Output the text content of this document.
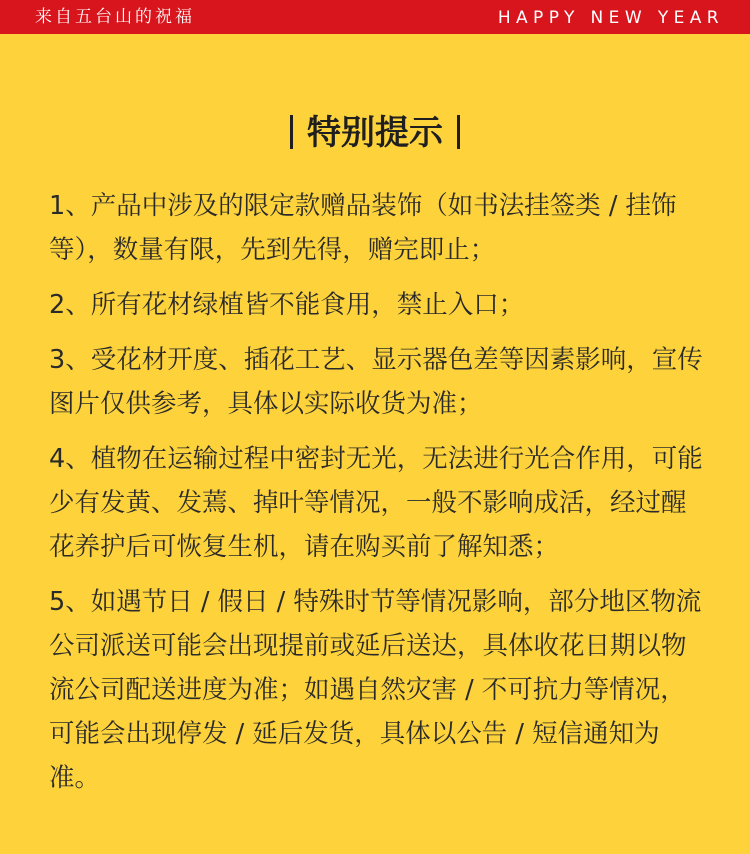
来自五台山的祝福	HAPPY NEW YEAR
特别提示

1、产品中涉及的限定款赠品装饰（如书法挂签类 / 挂饰等），数量有限，先到先得，赠完即止；

2、所有花材绿植皆不能食用，禁止入口；

3、受花材开度、插花工艺、显示器色差等因素影响，宣传图片仅供参考，具体以实际收货为准；

4、植物在运输过程中密封无光，无法进行光合作用，可能少有发黄、发蔫、掉叶等情况，一般不影响成活，经过醒花养护后可恢复生机，请在购买前了解知悉；

5、如遇节日 / 假日 / 特殊时节等情况影响，部分地区物流公司派送可能会出现提前或延后送达，具体收花日期以物流公司配送进度为准；如遇自然灾害 / 不可抗力等情况，可能会出现停发 / 延后发货，具体以公告 / 短信通知为准。
